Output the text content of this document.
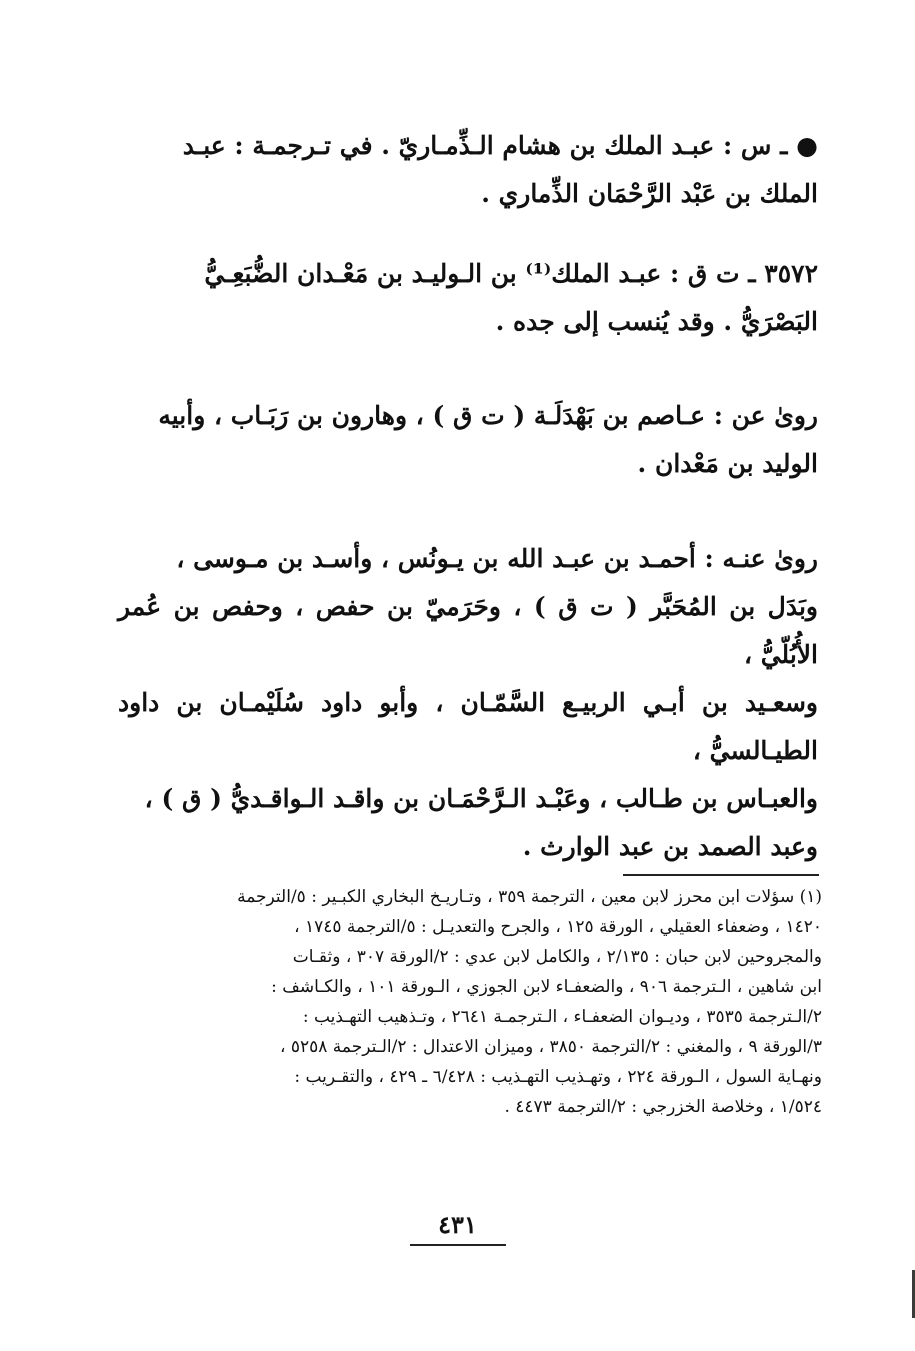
● ـ س : عبـد الملك بن هشام الـذِّمـاريّ . في تـرجمـة : عبـد

الملك بن عَبْد الرَّحْمَان الذِّماري .

٣٥٧٢ ـ ت ق : عبـد الملك⁽¹⁾ بن الـوليـد بن مَعْـدان الضُّبَعِـيُّ

البَصْرَيُّ . وقد يُنسب إلى جده .

روىٰ عن : عـاصم بن بَهْدَلَـة ( ت ق ) ، وهارون بن رَبَـاب ، وأبيه

الوليد بن مَعْدان .

روىٰ عنـه : أحمـد بن عبـد الله بن يـونُس ، وأسـد بن مـوسى ،

وبَدَل بن المُحَبَّر ( ت ق ) ، وحَرَميّ بن حفص ، وحفص بن عُمر الأُبُلّيُّ ،

وسعـيد بن أبـي الربيـع السَّمّـان ، وأبو داود سُلَيْمـان بن داود الطيـالسيُّ ،

والعبـاس بن طـالب ، وعَبْـد الـرَّحْمَـان بن واقـد الـواقـديُّ ( ق ) ،

وعبد الصمد بن عبد الوارث .

(١) سؤلات ابن محرز لابن معين ، الترجمة ٣٥٩ ، وتـاريـخ البخاري الكبـير : ٥/الترجمة

١٤٢٠ ، وضعفاء العقيلي ، الورقة ١٢٥ ، والجرح والتعديـل : ٥/الترجمة ١٧٤٥ ،

والمجروحين لابن حبان : ٢/١٣٥ ، والكامل لابن عدي : ٢/الورقة ٣٠٧ ، وثقـات

ابن شاهين ، الـترجمة ٩٠٦ ، والضعفـاء لابن الجوزي ، الـورقة ١٠١ ، والكـاشف :

٢/الـترجمة ٣٥٣٥ ، وديـوان الضعفـاء ، الـترجمـة ٢٦٤١ ، وتـذهيب التهـذيب :

٣/الورقة ٩ ، والمغني : ٢/الترجمة ٣٨٥٠ ، وميزان الاعتدال : ٢/الـترجمة ٥٢٥٨ ،

ونهـاية السول ، الـورقة ٢٢٤ ، وتهـذيب التهـذيب : ٦/٤٢٨ ـ ٤٢٩ ، والتقـريب :

١/٥٢٤ ، وخلاصة الخزرجي : ٢/الترجمة ٤٤٧٣ .

٤٣١
